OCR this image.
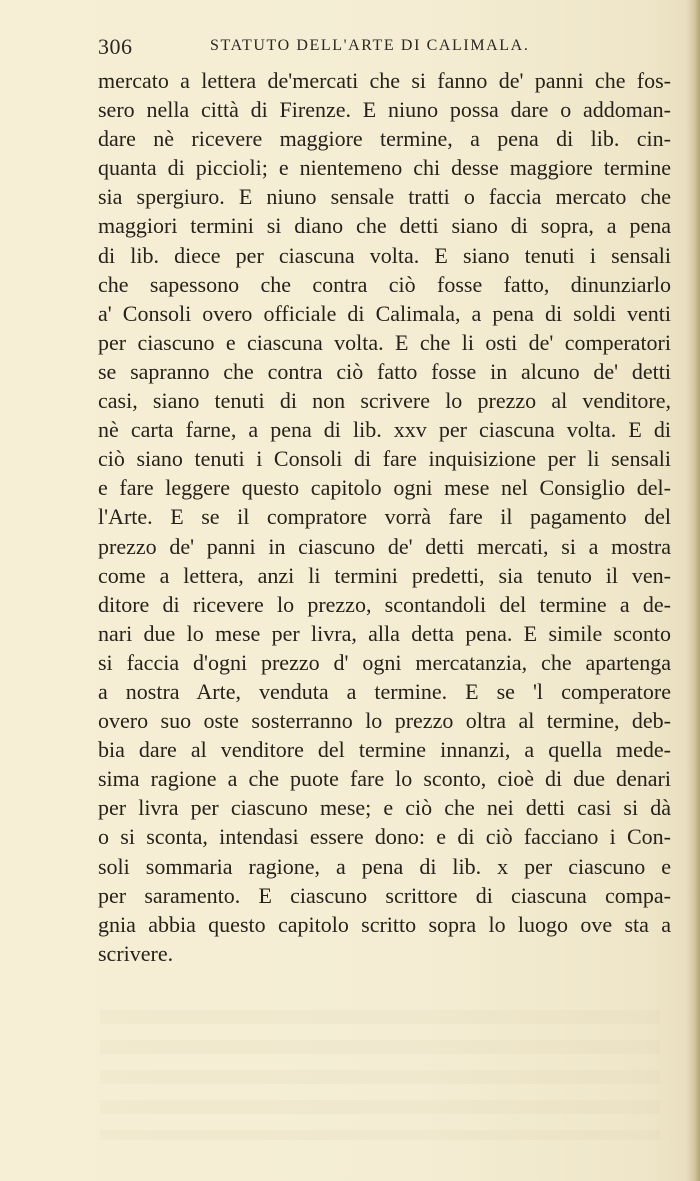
306	STATUTO DELL'ARTE DI CALIMALA.
mercato a lettera de'mercati che si fanno de' panni che fos-
sero nella città di Firenze. E niuno possa dare o addoman-
dare nè ricevere maggiore termine, a pena di lib. cin-
quanta di piccioli; e nientemeno chi desse maggiore termine
sia spergiuro. E niuno sensale tratti o faccia mercato che
maggiori termini si diano che detti siano di sopra, a pena
di lib. diece per ciascuna volta. E siano tenuti i sensali
che sapessono che contra ciò fosse fatto, dinunziarlo
a' Consoli overo officiale di Calimala, a pena di soldi venti
per ciascuno e ciascuna volta. E che li osti de' comperatori
se sapranno che contra ciò fatto fosse in alcuno de' detti
casi, siano tenuti di non scrivere lo prezzo al venditore,
nè carta farne, a pena di lib. xxv per ciascuna volta. E di
ciò siano tenuti i Consoli di fare inquisizione per li sensali
e fare leggere questo capitolo ogni mese nel Consiglio del-
l'Arte. E se il compratore vorrà fare il pagamento del
prezzo de' panni in ciascuno de' detti mercati, si a mostra
come a lettera, anzi li termini predetti, sia tenuto il ven-
ditore di ricevere lo prezzo, scontandoli del termine a de-
nari due lo mese per livra, alla detta pena. E simile sconto
si faccia d'ogni prezzo d' ogni mercatanzia, che apartenga
a nostra Arte, venduta a termine. E se 'l comperatore
overo suo oste sosterranno lo prezzo oltra al termine, deb-
bia dare al venditore del termine innanzi, a quella mede-
sima ragione a che puote fare lo sconto, cioè di due denari
per livra per ciascuno mese; e ciò che nei detti casi si dà
o si sconta, intendasi essere dono: e di ciò facciano i Con-
soli sommaria ragione, a pena di lib. x per ciascuno e
per saramento. E ciascuno scrittore di ciascuna compa-
gnia abbia questo capitolo scritto sopra lo luogo ove sta a
scrivere.
